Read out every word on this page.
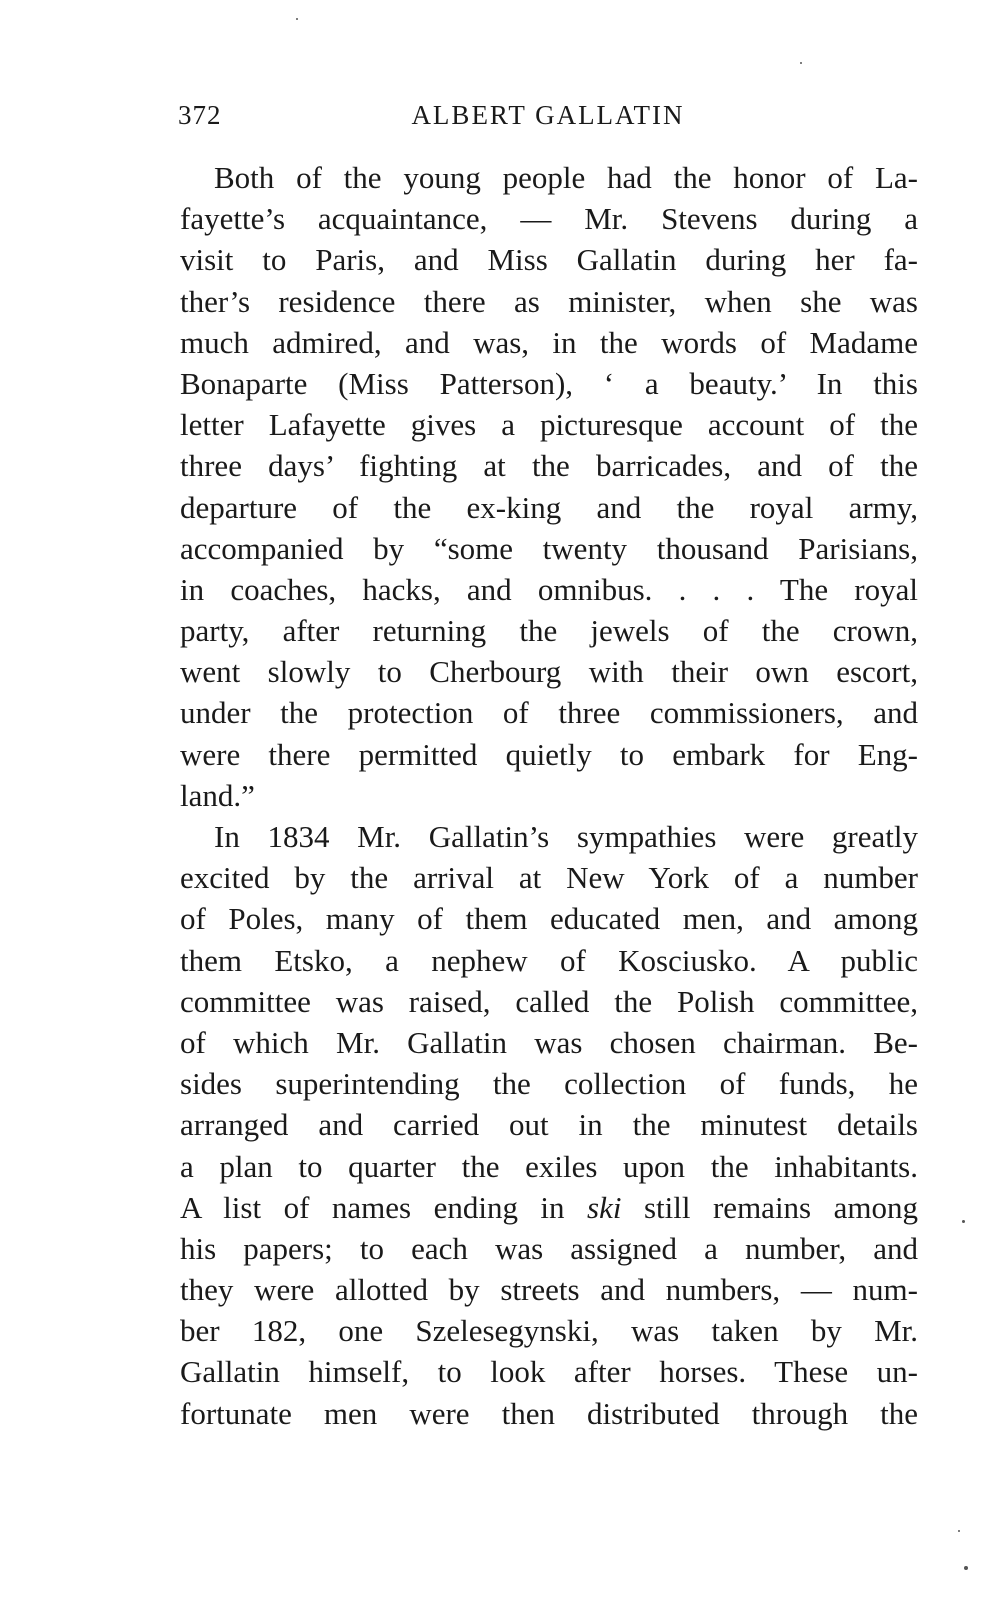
372	ALBERT GALLATIN
Both of the young people had the honor of La-
fayette’s acquaintance, — Mr. Stevens during a
visit to Paris, and Miss Gallatin during her fa-
ther’s residence there as minister, when she was
much admired, and was, in the words of Madame
Bonaparte (Miss Patterson), ‘ a beauty.’ In this
letter Lafayette gives a picturesque account of the
three days’ fighting at the barricades, and of the
departure of the ex-king and the royal army,
accompanied by “some twenty thousand Parisians,
in coaches, hacks, and omnibus. . . . The royal
party, after returning the jewels of the crown,
went slowly to Cherbourg with their own escort,
under the protection of three commissioners, and
were there permitted quietly to embark for Eng-
land.”
In 1834 Mr. Gallatin’s sympathies were greatly
excited by the arrival at New York of a number
of Poles, many of them educated men, and among
them Etsko, a nephew of Kosciusko. A public
committee was raised, called the Polish committee,
of which Mr. Gallatin was chosen chairman. Be-
sides superintending the collection of funds, he
arranged and carried out in the minutest details
a plan to quarter the exiles upon the inhabitants.
A list of names ending in ski still remains among
his papers; to each was assigned a number, and
they were allotted by streets and numbers, — num-
ber 182, one Szelesegynski, was taken by Mr.
Gallatin himself, to look after horses. These un-
fortunate men were then distributed through the
